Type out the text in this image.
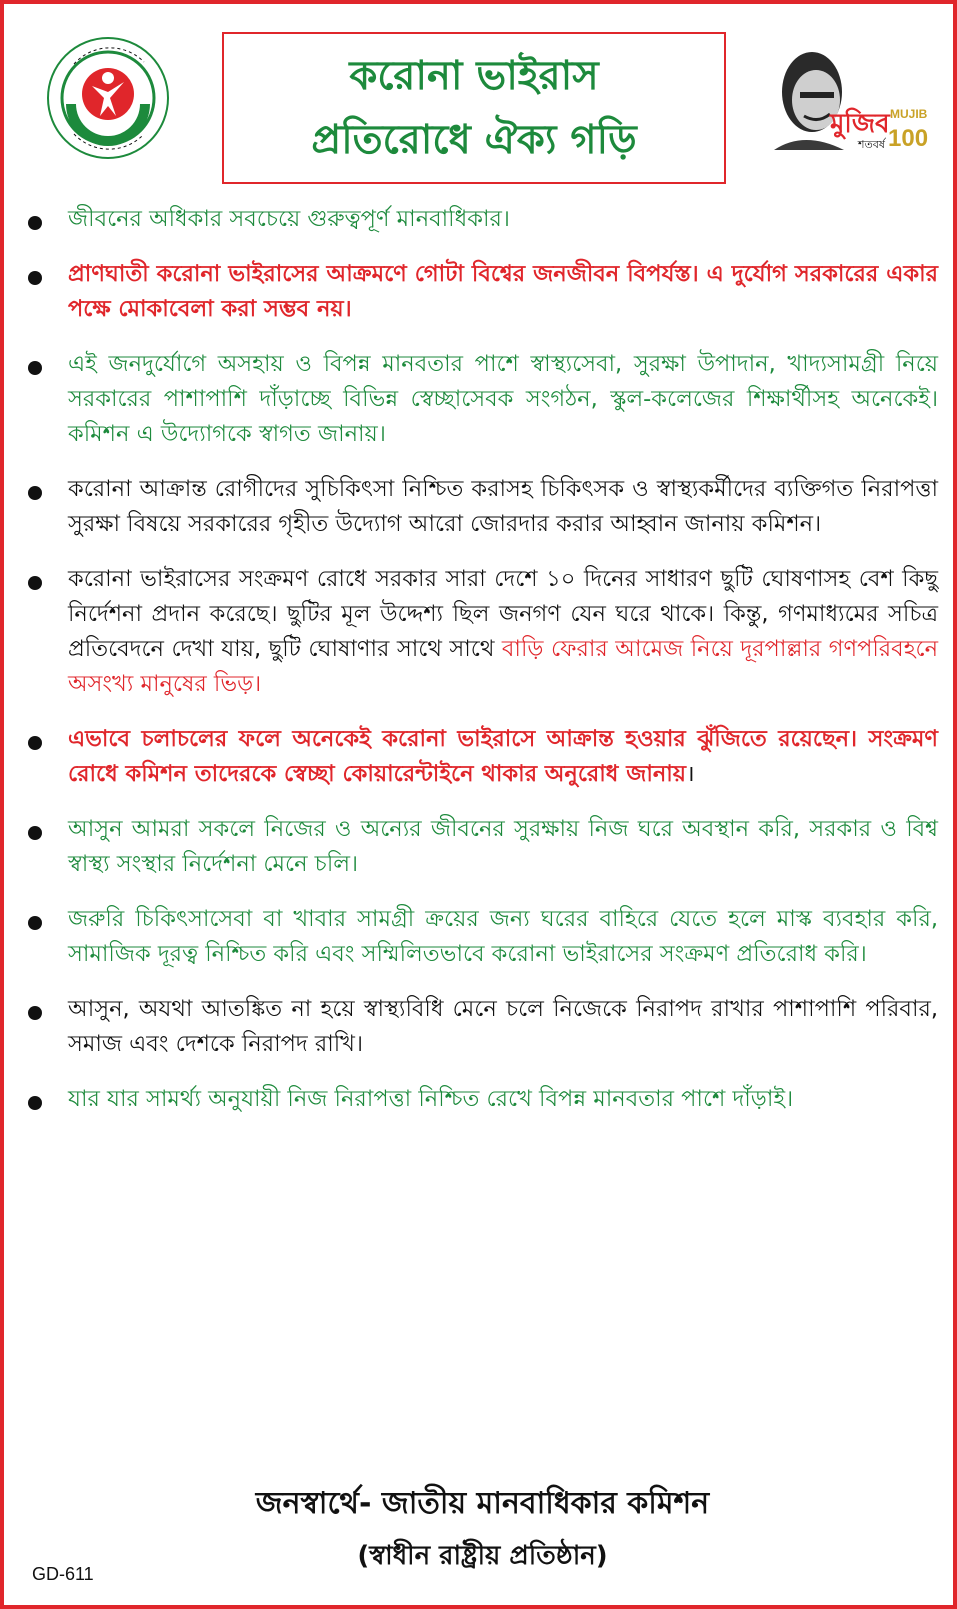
করোনা ভাইরাস
প্রতিরোধে ঐক্য গড়ি	মুজিব
শতবর্ষ
MUJIB
100
জীবনের অধিকার সবচেয়ে গুরুত্বপূর্ণ মানবাধিকার।
প্রাণঘাতী করোনা ভাইরাসের আক্রমণে গোটা বিশ্বের জনজীবন বিপর্যস্ত। এ দুর্যোগ সরকারের একার পক্ষে মোকাবেলা করা সম্ভব নয়।
এই জনদুর্যোগে অসহায় ও বিপন্ন মানবতার পাশে স্বাস্থ্যসেবা, সুরক্ষা উপাদান, খাদ্যসামগ্রী নিয়ে সরকারের পাশাপাশি দাঁড়াচ্ছে বিভিন্ন স্বেচ্ছাসেবক সংগঠন, স্কুল-কলেজের শিক্ষার্থীসহ অনেকেই। কমিশন এ উদ্যোগকে স্বাগত জানায়।
করোনা আক্রান্ত রোগীদের সুচিকিৎসা নিশ্চিত করাসহ চিকিৎসক ও স্বাস্থ্যকর্মীদের ব্যক্তিগত নিরাপত্তা সুরক্ষা বিষয়ে সরকারের গৃহীত উদ্যোগ আরো জোরদার করার আহ্বান জানায় কমিশন।
করোনা ভাইরাসের সংক্রমণ রোধে সরকার সারা দেশে ১০ দিনের সাধারণ ছুটি ঘোষণাসহ বেশ কিছু নির্দেশনা প্রদান করেছে। ছুটির মূল উদ্দেশ্য ছিল জনগণ যেন ঘরে থাকে। কিন্তু, গণমাধ্যমের সচিত্র প্রতিবেদনে দেখা যায়, ছুটি ঘোষাণার সাথে সাথে বাড়ি ফেরার আমেজ নিয়ে দূরপাল্লার গণপরিবহনে অসংখ্য মানুষের ভিড়।
এভাবে চলাচলের ফলে অনেকেই করোনা ভাইরাসে আক্রান্ত হওয়ার ঝুঁজিতে রয়েছেন। সংক্রমণ রোধে কমিশন তাদেরকে স্বেচ্ছা কোয়ারেন্টাইনে থাকার অনুরোধ জানায়।
আসুন আমরা সকলে নিজের ও অন্যের জীবনের সুরক্ষায় নিজ ঘরে অবস্থান করি, সরকার ও বিশ্ব স্বাস্থ্য সংস্থার নির্দেশনা মেনে চলি।
জরুরি চিকিৎসাসেবা বা খাবার সামগ্রী ক্রয়ের জন্য ঘরের বাহিরে যেতে হলে মাস্ক ব্যবহার করি, সামাজিক দূরত্ব নিশ্চিত করি এবং সম্মিলিতভাবে করোনা ভাইরাসের সংক্রমণ প্রতিরোধ করি।
আসুন, অযথা আতঙ্কিত না হয়ে স্বাস্থ্যবিধি মেনে চলে নিজেকে নিরাপদ রাখার পাশাপাশি পরিবার, সমাজ এবং দেশকে নিরাপদ রাখি।
যার যার সামর্থ্য অনুযায়ী নিজ নিরাপত্তা নিশ্চিত রেখে বিপন্ন মানবতার পাশে দাঁড়াই।
জনস্বার্থে- জাতীয় মানবাধিকার কমিশন
(স্বাধীন রাষ্ট্রীয় প্রতিষ্ঠান)
GD-611
